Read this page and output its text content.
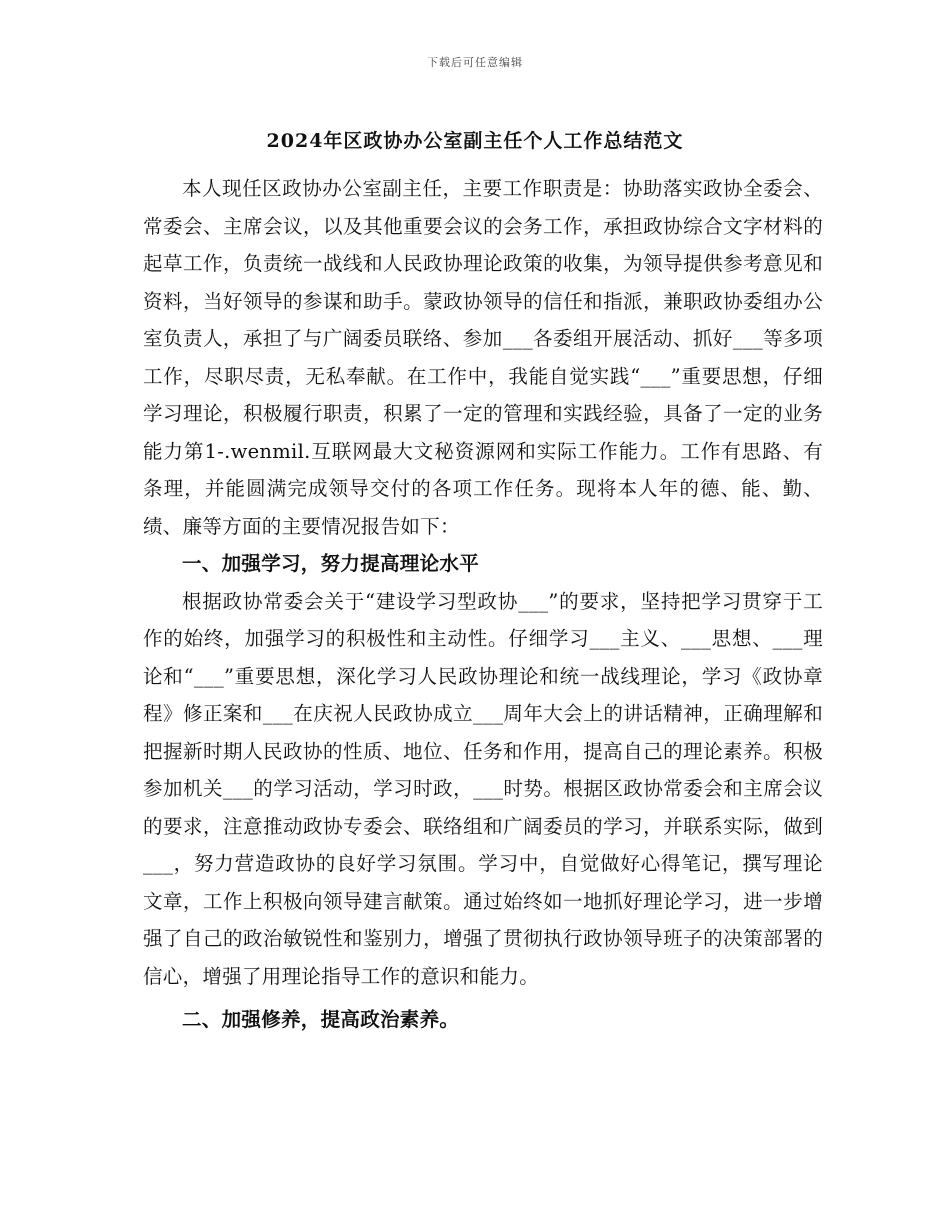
下载后可任意编辑
2024年区政协办公室副主任个人工作总结范文

本人现任区政协办公室副主任，主要工作职责是：协助落实政协全委会、常委会、主席会议，以及其他重要会议的会务工作，承担政协综合文字材料的起草工作，负责统一战线和人民政协理论政策的收集，为领导提供参考意见和资料，当好领导的参谋和助手。蒙政协领导的信任和指派，兼职政协委组办公室负责人，承担了与广阔委员联络、参加___各委组开展活动、抓好___等多项工作，尽职尽责，无私奉献。在工作中，我能自觉实践“___”重要思想，仔细学习理论，积极履行职责，积累了一定的管理和实践经验，具备了一定的业务能力第1-.wenmil.互联网最大文秘资源网和实际工作能力。工作有思路、有条理，并能圆满完成领导交付的各项工作任务。现将本人年的德、能、勤、绩、廉等方面的主要情况报告如下：

一、加强学习，努力提高理论水平

根据政协常委会关于“建设学习型政协___”的要求，坚持把学习贯穿于工作的始终，加强学习的积极性和主动性。仔细学习___主义、___思想、___理论和“___”重要思想，深化学习人民政协理论和统一战线理论，学习《政协章程》修正案和___在庆祝人民政协成立___周年大会上的讲话精神，正确理解和把握新时期人民政协的性质、地位、任务和作用，提高自己的理论素养。积极参加机关___的学习活动，学习时政，___时势。根据区政协常委会和主席会议的要求，注意推动政协专委会、联络组和广阔委员的学习，并联系实际，做到___，努力营造政协的良好学习氛围。学习中，自觉做好心得笔记，撰写理论文章，工作上积极向领导建言献策。通过始终如一地抓好理论学习，进一步增强了自己的政治敏锐性和鉴别力，增强了贯彻执行政协领导班子的决策部署的信心，增强了用理论指导工作的意识和能力。

二、加强修养，提高政治素养。
